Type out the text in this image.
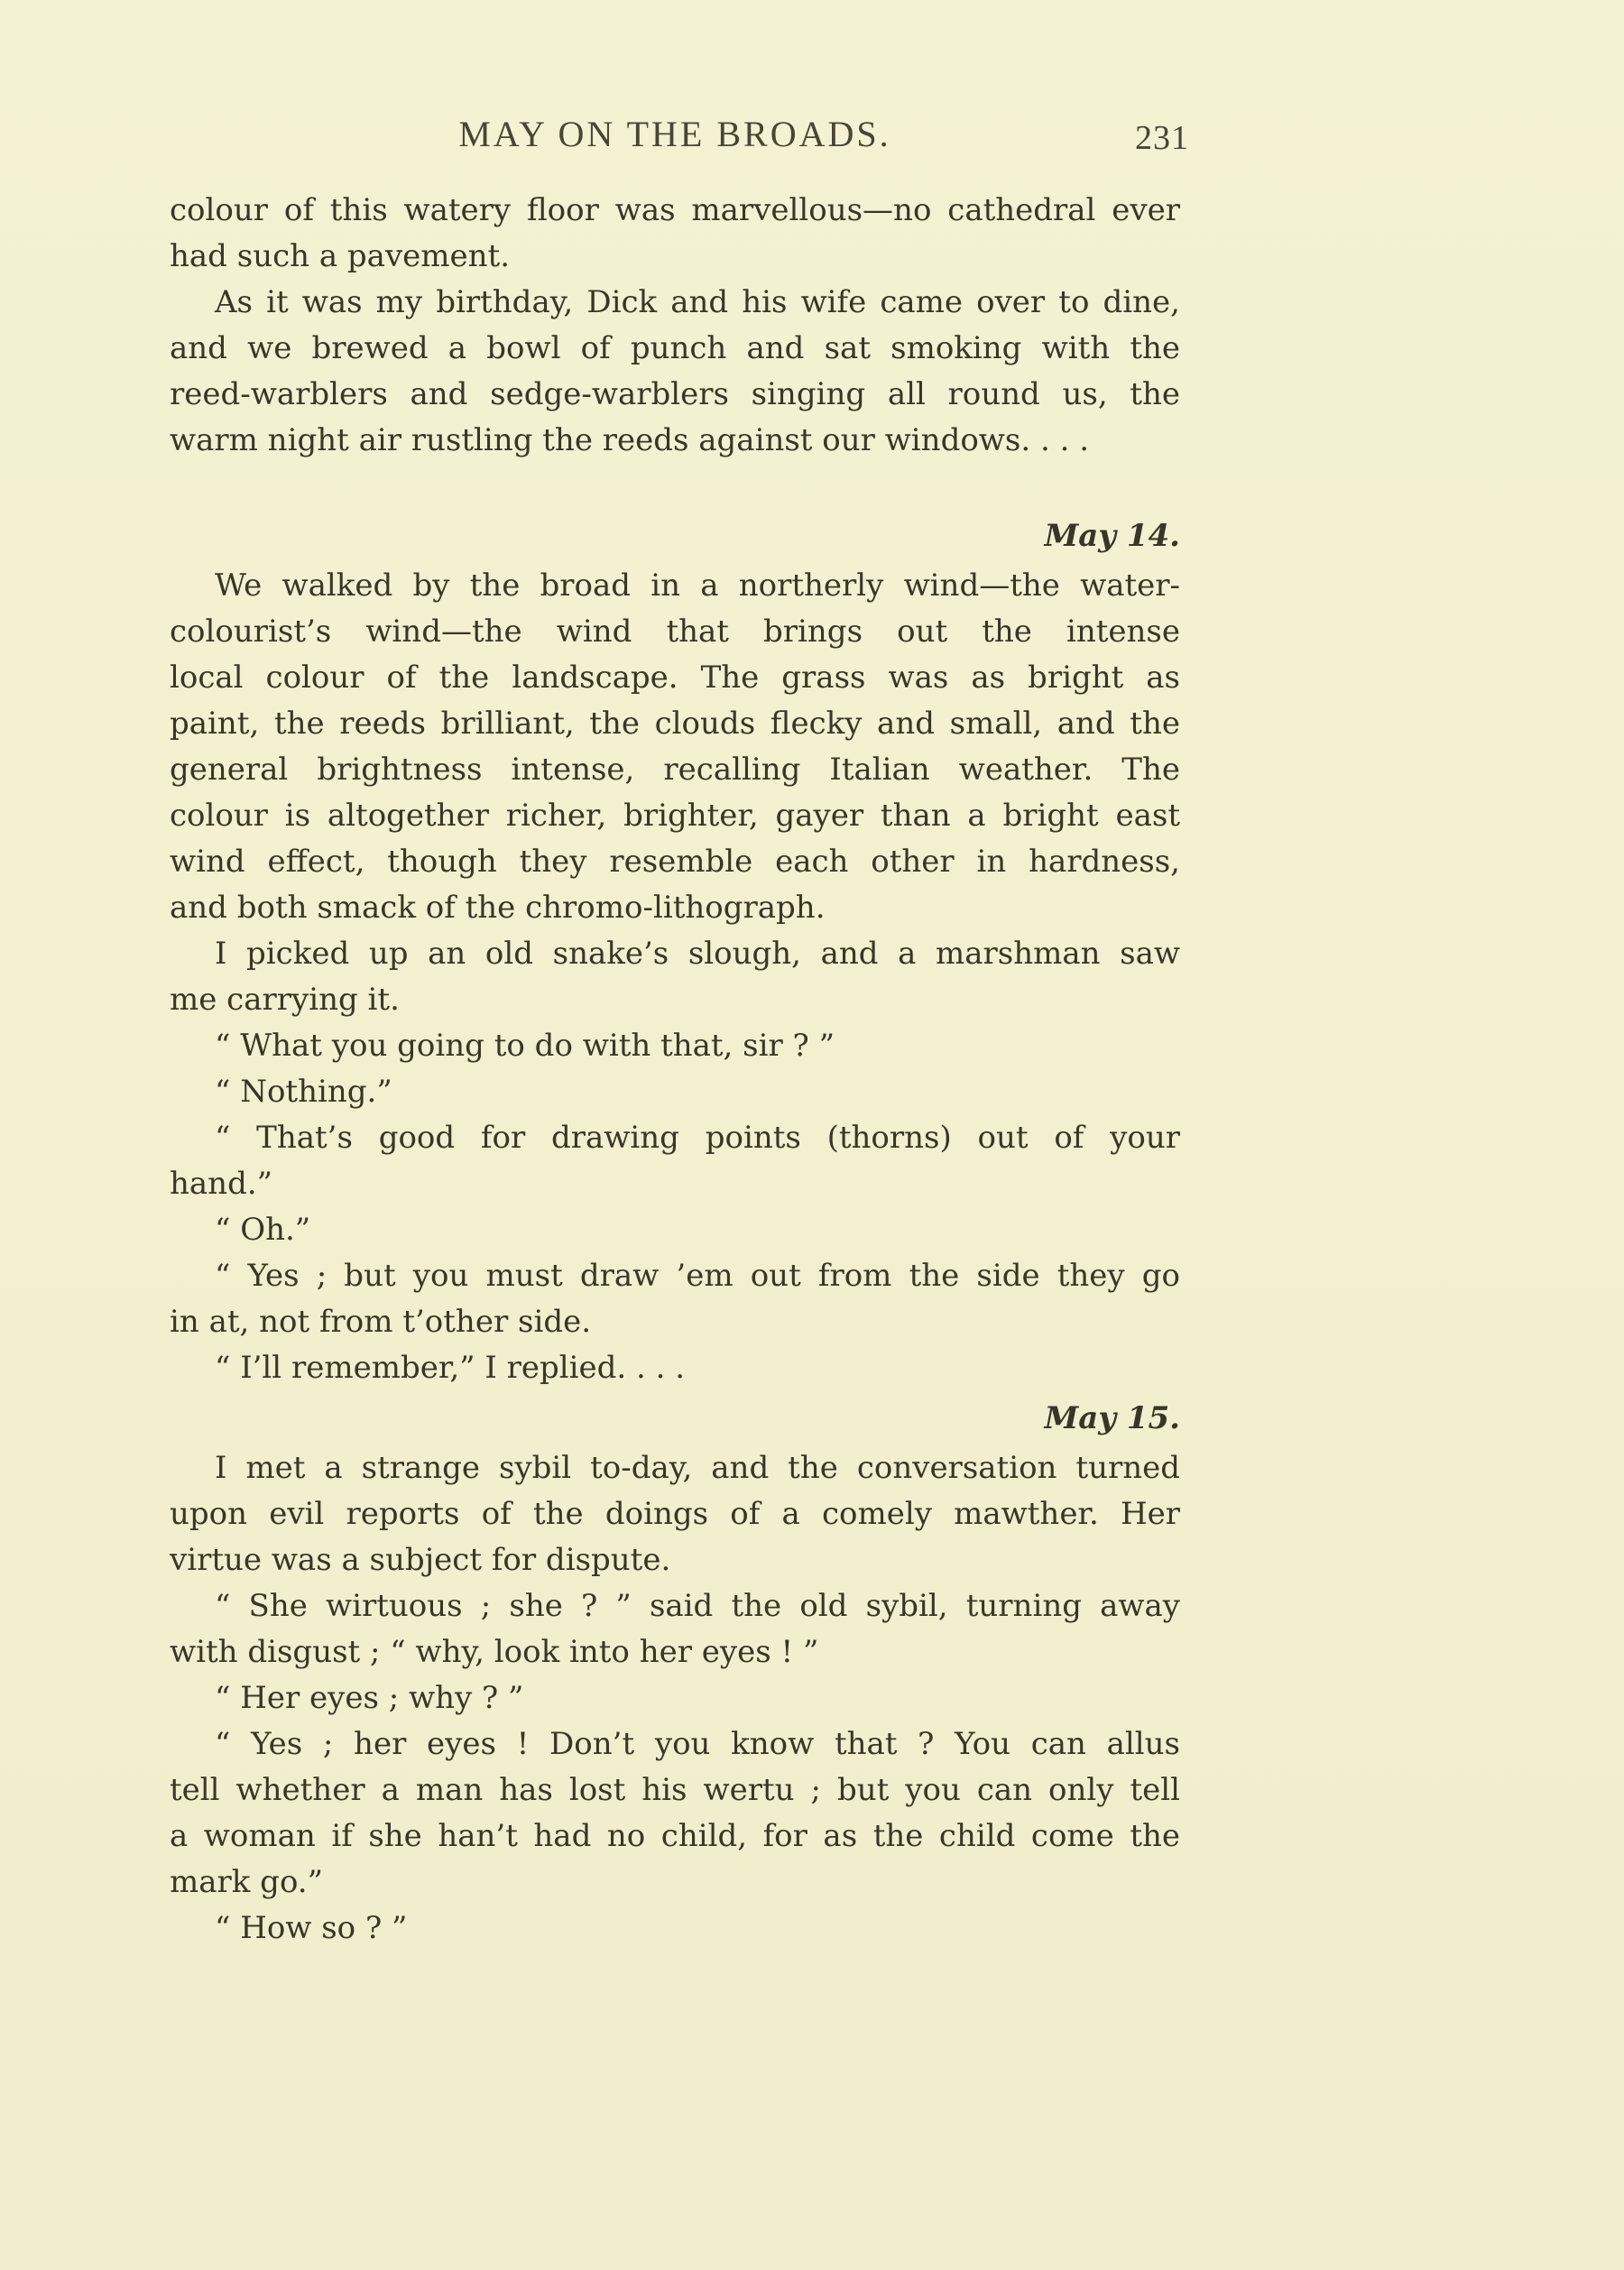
MAY ON THE BROADS.	231
colour of this watery floor was marvellous—no cathedral ever
had such a pavement.
As it was my birthday, Dick and his wife came over to dine,
and we brewed a bowl of punch and sat smoking with the
reed-warblers and sedge-warblers singing all round us, the
warm night air rustling the reeds against our windows. . . .
May 14.
We walked by the broad in a northerly wind—the water-
colourist’s wind—the wind that brings out the intense
local colour of the landscape. The grass was as bright as
paint, the reeds brilliant, the clouds flecky and small, and the
general brightness intense, recalling Italian weather. The
colour is altogether richer, brighter, gayer than a bright east
wind effect, though they resemble each other in hardness,
and both smack of the chromo-lithograph.
I picked up an old snake’s slough, and a marshman saw
me carrying it.
“ What you going to do with that, sir ? ”
“ Nothing.”
“ That’s good for drawing points (thorns) out of your
hand.”
“ Oh.”
“ Yes ; but you must draw ’em out from the side they go
in at, not from t’other side.
“ I’ll remember,” I replied. . . .
May 15.
I met a strange sybil to-day, and the conversation turned
upon evil reports of the doings of a comely mawther. Her
virtue was a subject for dispute.
“ She wirtuous ; she ? ” said the old sybil, turning away
with disgust ; “ why, look into her eyes ! ”
“ Her eyes ; why ? ”
“ Yes ; her eyes ! Don’t you know that ? You can allus
tell whether a man has lost his wertu ; but you can only tell
a woman if she han’t had no child, for as the child come the
mark go.”
“ How so ? ”
